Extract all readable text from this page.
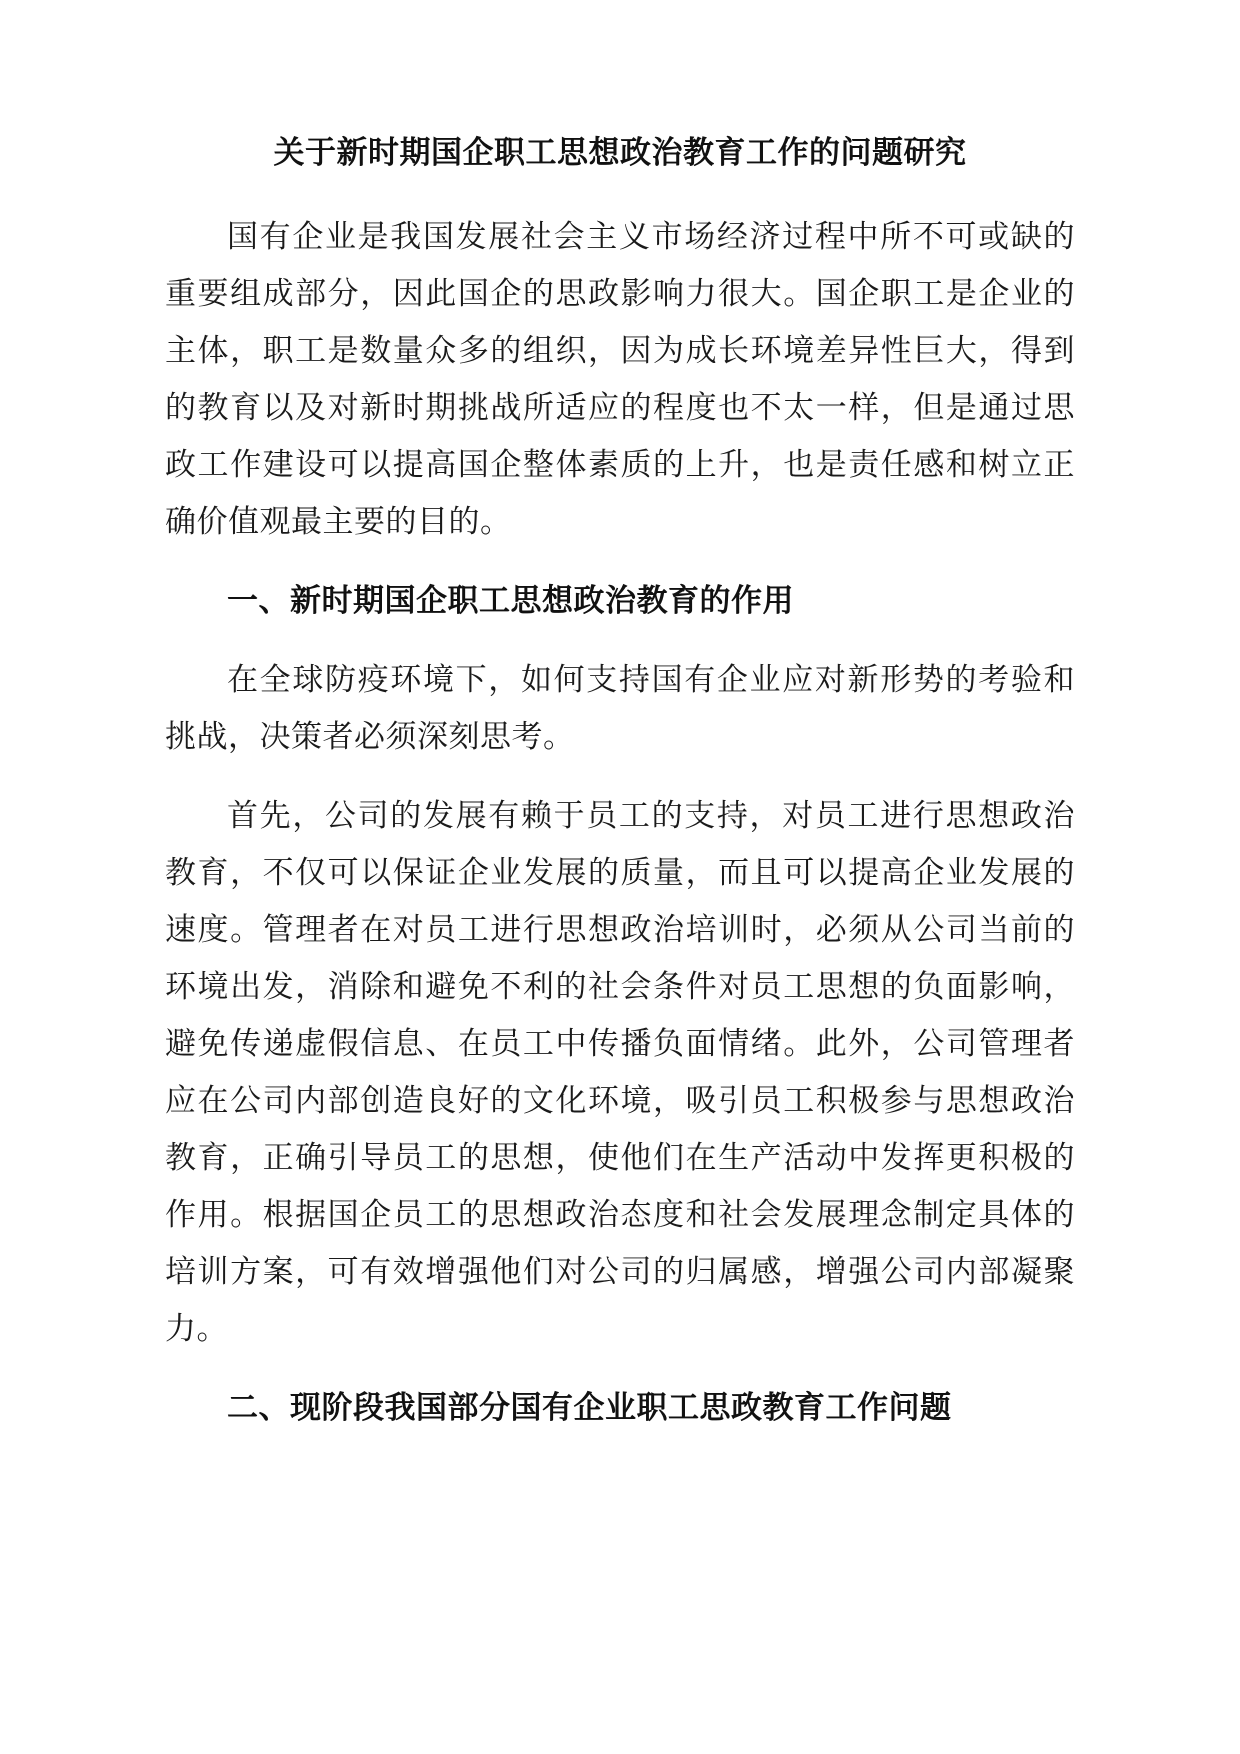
关于新时期国企职工思想政治教育工作的问题研究

国有企业是我国发展社会主义市场经济过程中所不可或缺的重要组成部分，因此国企的思政影响力很大。国企职工是企业的主体，职工是数量众多的组织，因为成长环境差异性巨大，得到的教育以及对新时期挑战所适应的程度也不太一样，但是通过思政工作建设可以提高国企整体素质的上升，也是责任感和树立正确价值观最主要的目的。

一、新时期国企职工思想政治教育的作用

在全球防疫环境下，如何支持国有企业应对新形势的考验和挑战，决策者必须深刻思考。

首先，公司的发展有赖于员工的支持，对员工进行思想政治教育，不仅可以保证企业发展的质量，而且可以提高企业发展的速度。管理者在对员工进行思想政治培训时，必须从公司当前的环境出发，消除和避免不利的社会条件对员工思想的负面影响，避免传递虚假信息、在员工中传播负面情绪。此外，公司管理者应在公司内部创造良好的文化环境，吸引员工积极参与思想政治教育，正确引导员工的思想，使他们在生产活动中发挥更积极的作用。根据国企员工的思想政治态度和社会发展理念制定具体的培训方案，可有效增强他们对公司的归属感，增强公司内部凝聚力。

二、现阶段我国部分国有企业职工思政教育工作问题
